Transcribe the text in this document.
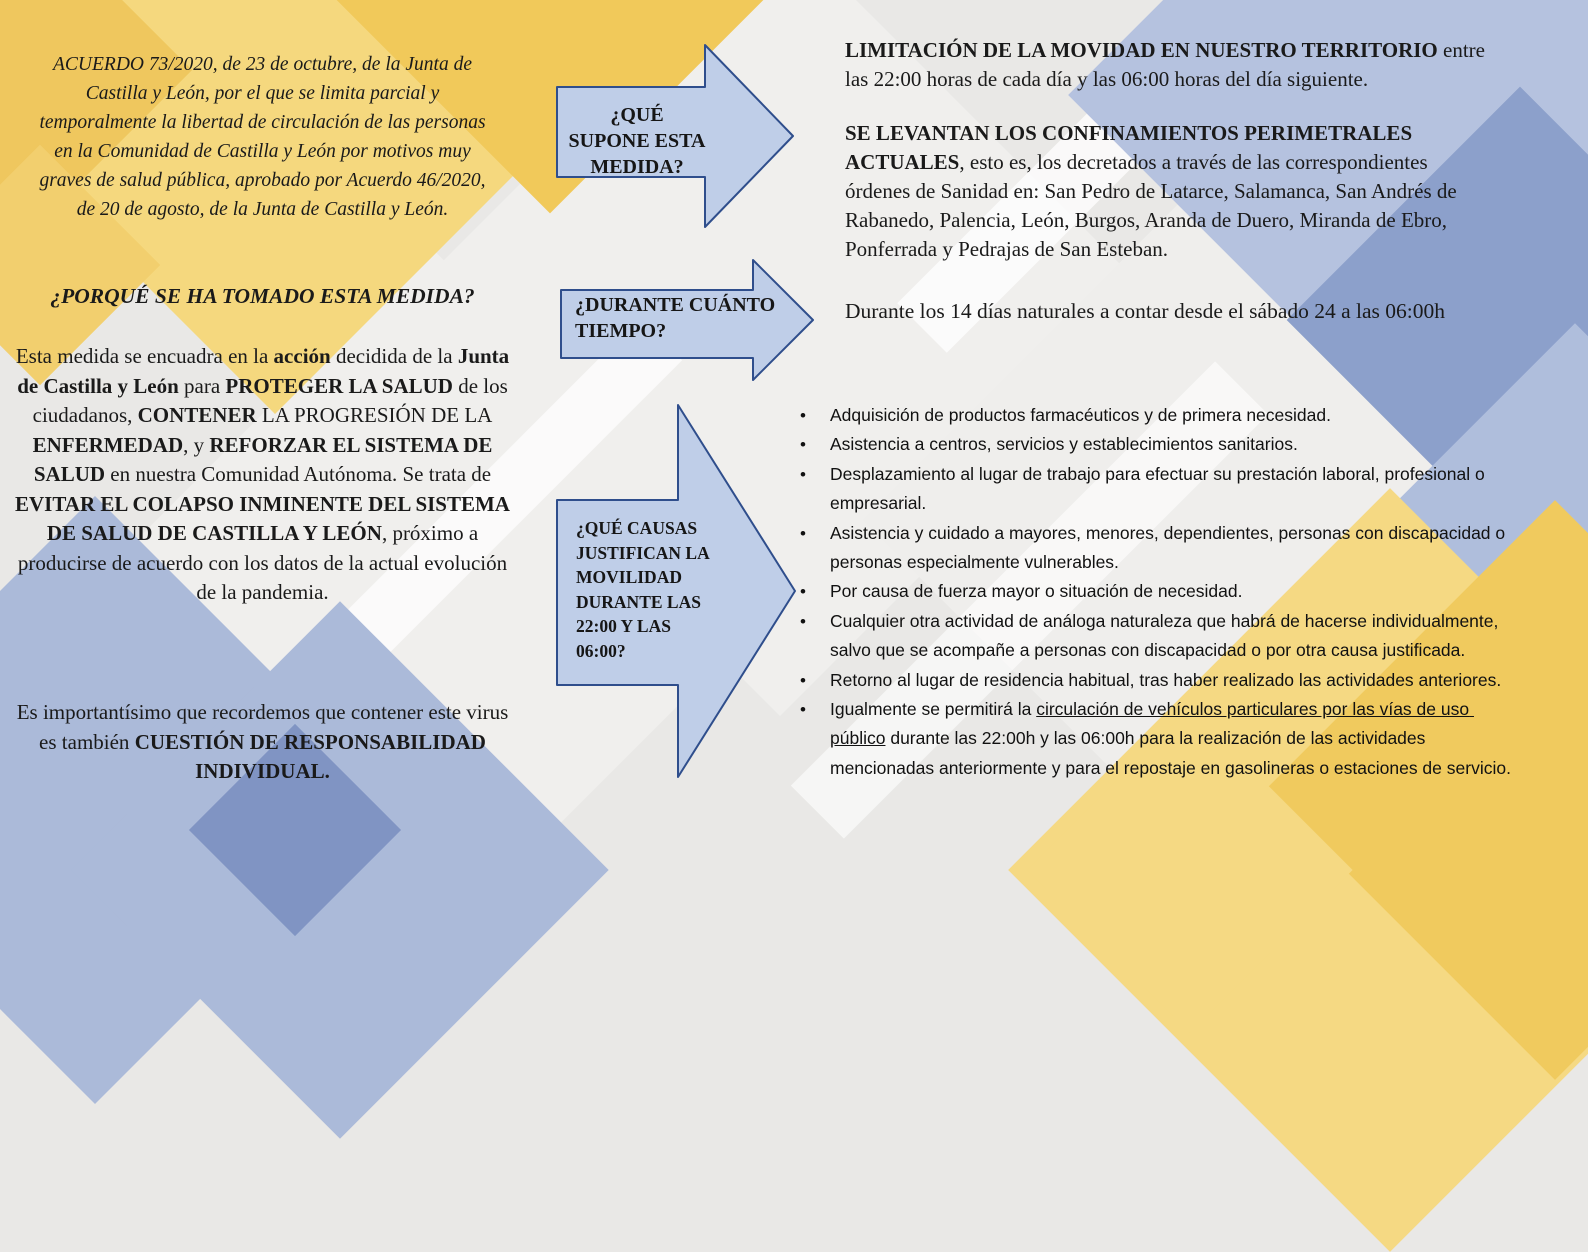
ACUERDO 73/2020, de 23 de octubre, de la Junta de Castilla y León, por el que se limita parcial y temporalmente la libertad de circulación de las personas en la Comunidad de Castilla y León por motivos muy graves de salud pública, aprobado por Acuerdo 46/2020, de 20 de agosto, de la Junta de Castilla y León.
¿PORQUÉ SE HA TOMADO ESTA MEDIDA?
Esta medida se encuadra en la acción decidida de la Junta de Castilla y León para PROTEGER LA SALUD de los ciudadanos, CONTENER LA PROGRESIÓN DE LA ENFERMEDAD, y REFORZAR EL SISTEMA DE SALUD en nuestra Comunidad Autónoma. Se trata de EVITAR EL COLAPSO INMINENTE DEL SISTEMA DE SALUD DE CASTILLA Y LEÓN, próximo a producirse de acuerdo con los datos de la actual evolución de la pandemia.
Es importantísimo que recordemos que contener este virus es también CUESTIÓN DE RESPONSABILIDAD INDIVIDUAL.
¿QUÉ SUPONE ESTA MEDIDA?
¿DURANTE CUÁNTO TIEMPO?
¿QUÉ CAUSAS JUSTIFICAN LA MOVILIDAD DURANTE LAS 22:00 Y LAS 06:00?
LIMITACIÓN DE LA MOVIDAD EN NUESTRO TERRITORIO entre las 22:00 horas de cada día y las 06:00 horas del día siguiente.
SE LEVANTAN LOS CONFINAMIENTOS PERIMETRALES ACTUALES, esto es, los decretados a través de las correspondientes órdenes de Sanidad en: San Pedro de Latarce, Salamanca, San Andrés de Rabanedo, Palencia, León, Burgos, Aranda de Duero, Miranda de Ebro, Ponferrada y Pedrajas de San Esteban.
Durante los 14 días naturales a contar desde el sábado 24 a las 06:00h
•	Adquisición de productos farmacéuticos y de primera necesidad.
•	Asistencia a centros, servicios y establecimientos sanitarios.
•	Desplazamiento al lugar de trabajo para efectuar su prestación laboral, profesional o empresarial.
•	Asistencia y cuidado a mayores, menores, dependientes, personas con discapacidad o personas especialmente vulnerables.
•	Por causa de fuerza mayor o situación de necesidad.
•	Cualquier otra actividad de análoga naturaleza que habrá de hacerse individualmente, salvo que se acompañe a personas con discapacidad o por otra causa justificada.
•	Retorno al lugar de residencia habitual, tras haber realizado las actividades anteriores.
•	Igualmente se permitirá la circulación de vehículos particulares por las vías de uso público durante las 22:00h y las 06:00h para la realización de las actividades mencionadas anteriormente y para el repostaje en gasolineras o estaciones de servicio.
